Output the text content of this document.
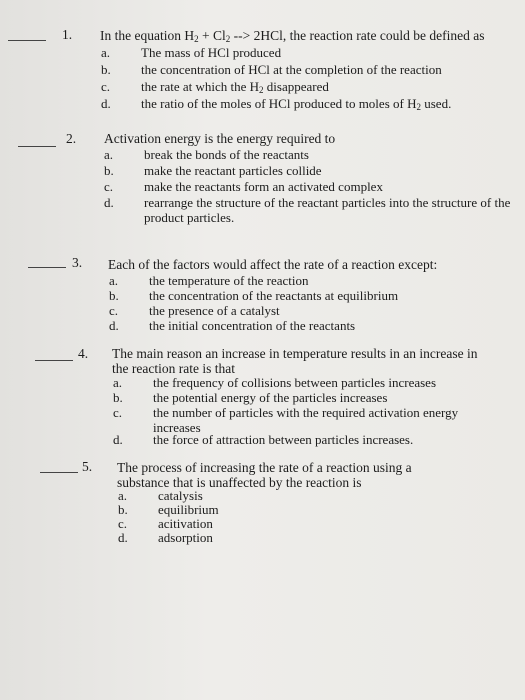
1. In the equation $H_2 + Cl_2$ --> 2HCl, the reaction rate could be defined as
a.	The mass of HCl produced
b.	the concentration of HCl at the completion of the reaction
c.	the rate at which the $H_2$ disappeared
d.	the ratio of the moles of HCl produced to moles of $H_2$ used.
2. Activation energy is the energy required to
a.	break the bonds of the reactants
b.	make the reactant particles collide
c.	make the reactants form an activated complex
d.	rearrange the structure of the reactant particles into the structure of the product particles.
3. Each of the factors would affect the rate of a reaction except:
a.	the temperature of the reaction
b.	the concentration of the reactants at equilibrium
c.	the presence of a catalyst
d.	the initial concentration of the reactants
4. The main reason an increase in temperature results in an increase in the reaction rate is that
a.	the frequency of collisions between particles increases
b.	the potential energy of the particles increases
c.	the number of particles with the required activation energy increases
d.	the force of attraction between particles increases.
5. The process of increasing the rate of a reaction using a substance that is unaffected by the reaction is
a.	catalysis
b.	equilibrium
c.	acitivation
d.	adsorption
